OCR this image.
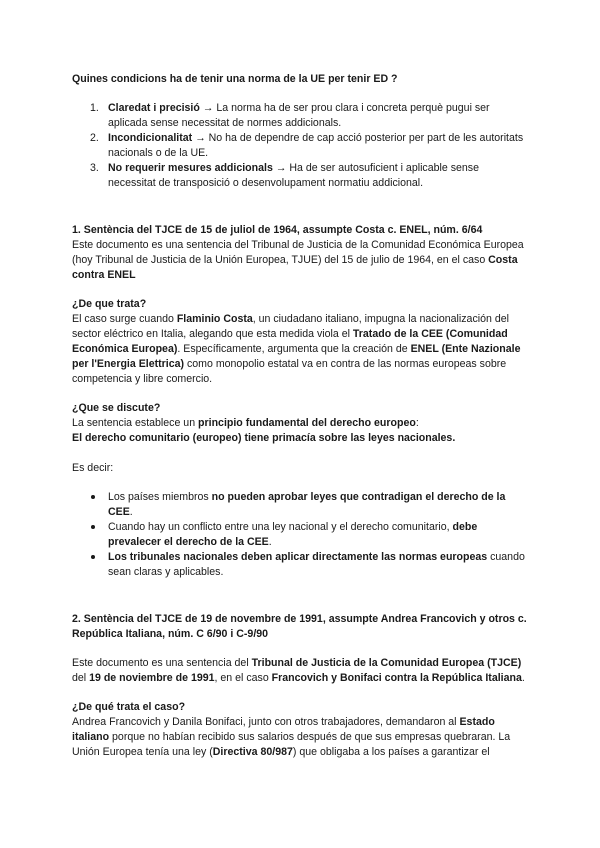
Quines condicions ha de tenir una norma de la UE per tenir ED ?

1. Claredat i precisió → La norma ha de ser prou clara i concreta perquè pugui ser aplicada sense necessitat de normes addicionals.
2. Incondicionalitat → No ha de dependre de cap acció posterior per part de les autoritats nacionals o de la UE.
3. No requerir mesures addicionals → Ha de ser autosuficient i aplicable sense necessitat de transposició o desenvolupament normatiu addicional.

1. Sentència del TJCE de 15 de juliol de 1964, assumpte Costa c. ENEL, núm. 6/64

Este documento es una sentencia del Tribunal de Justicia de la Comunidad Económica Europea (hoy Tribunal de Justicia de la Unión Europea, TJUE) del 15 de julio de 1964, en el caso Costa contra ENEL

¿De que trata?

El caso surge cuando Flaminio Costa, un ciudadano italiano, impugna la nacionalización del sector eléctrico en Italia, alegando que esta medida viola el Tratado de la CEE (Comunidad Económica Europea). Específicamente, argumenta que la creación de ENEL (Ente Nazionale per l'Energia Elettrica) como monopolio estatal va en contra de las normas europeas sobre competencia y libre comercio.

¿Que se discute?

La sentencia establece un principio fundamental del derecho europeo:

El derecho comunitario (europeo) tiene primacía sobre las leyes nacionales.

Es decir:

Los países miembros no pueden aprobar leyes que contradigan el derecho de la CEE.
Cuando hay un conflicto entre una ley nacional y el derecho comunitario, debe prevalecer el derecho de la CEE.
Los tribunales nacionales deben aplicar directamente las normas europeas cuando sean claras y aplicables.

2. Sentència del TJCE de 19 de novembre de 1991, assumpte Andrea Francovich y otros c. República Italiana, núm. C 6/90 i C-9/90

Este documento es una sentencia del Tribunal de Justicia de la Comunidad Europea (TJCE) del 19 de noviembre de 1991, en el caso Francovich y Bonifaci contra la República Italiana.

¿De qué trata el caso?

Andrea Francovich y Danila Bonifaci, junto con otros trabajadores, demandaron al Estado italiano porque no habían recibido sus salarios después de que sus empresas quebraran. La Unión Europea tenía una ley (Directiva 80/987) que obligaba a los países a garantizar el
